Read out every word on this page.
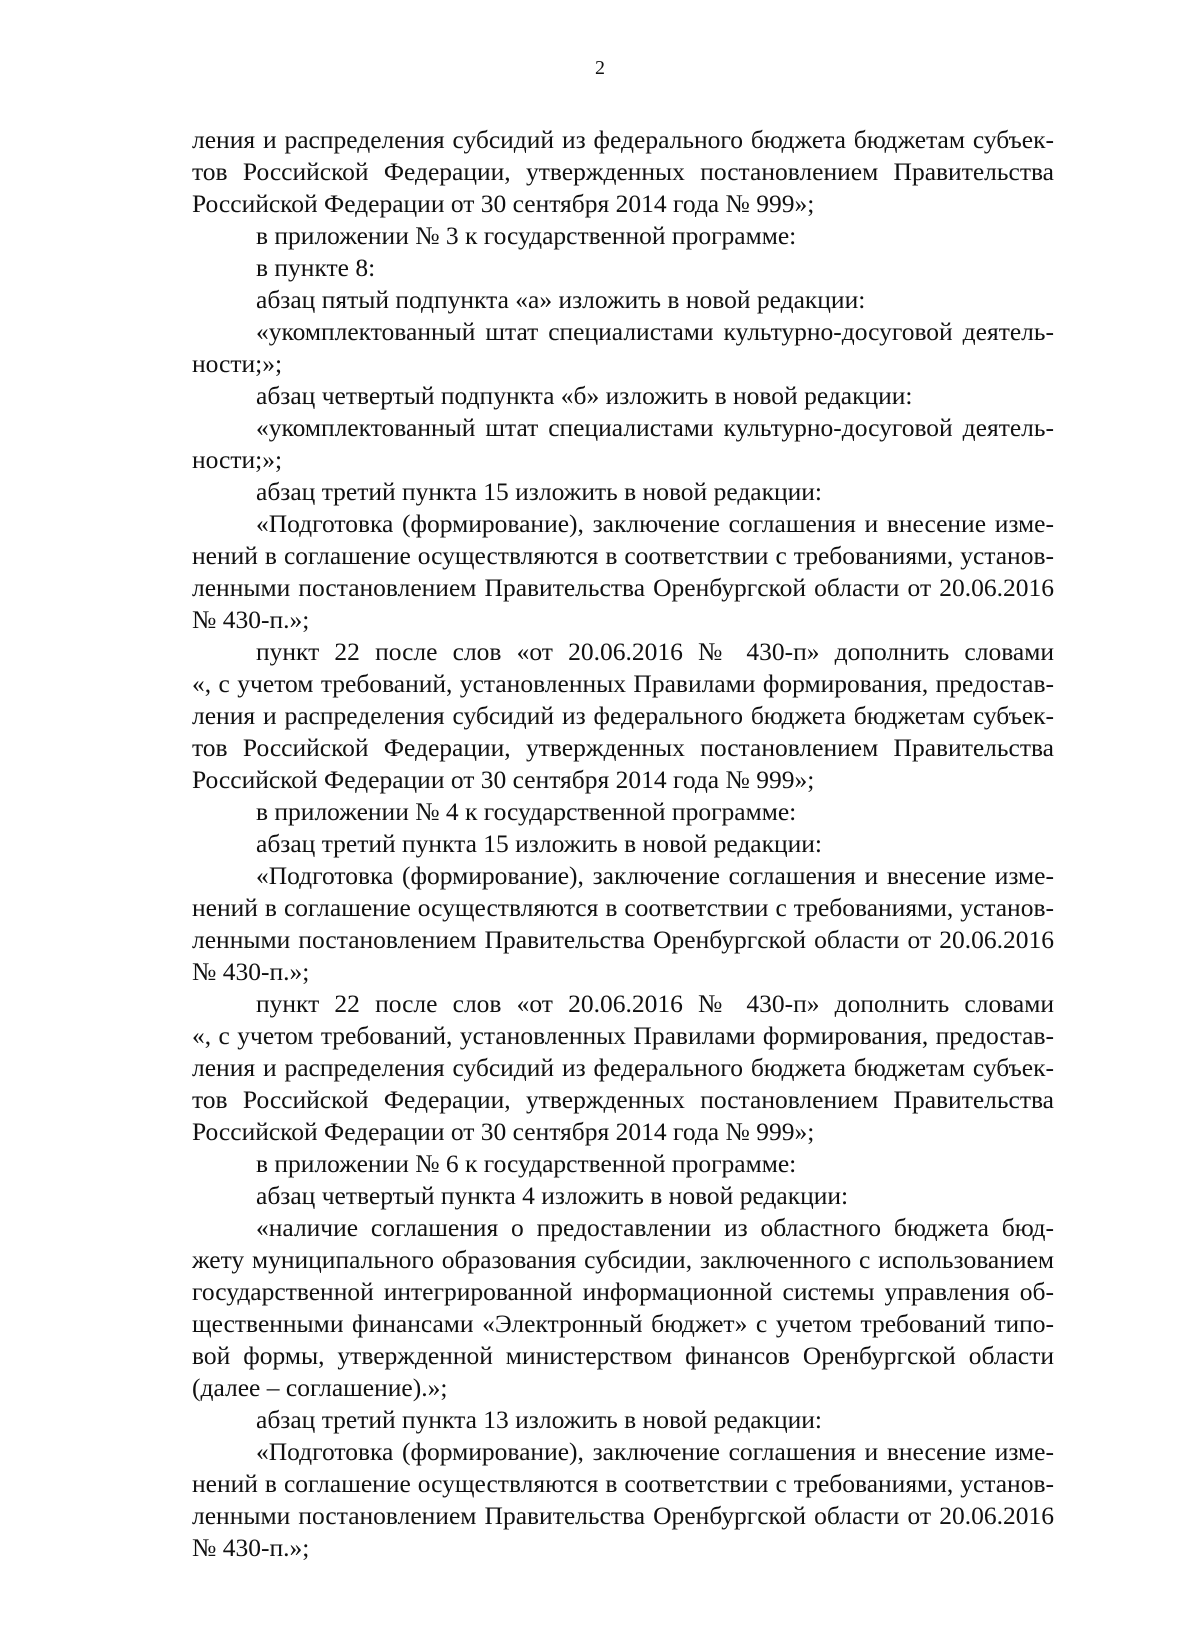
2
ления и распределения субсидий из федерального бюджета бюджетам субъек-
тов Российской Федерации, утвержденных постановлением Правительства
Российской Федерации от 30 сентября 2014 года № 999»;
в приложении № 3 к государственной программе:
в пункте 8:
абзац пятый подпункта «а» изложить в новой редакции:
«укомплектованный штат специалистами культурно-досуговой деятель-
ности;»;
абзац четвертый подпункта «б» изложить в новой редакции:
«укомплектованный штат специалистами культурно-досуговой деятель-
ности;»;
абзац третий пункта 15 изложить в новой редакции:
«Подготовка (формирование), заключение соглашения и внесение изме-
нений в соглашение осуществляются в соответствии с требованиями, установ-
ленными постановлением Правительства Оренбургской области от 20.06.2016
№ 430-п.»;
пункт 22 после слов «от 20.06.2016 № 430-п» дополнить словами
«, с учетом требований, установленных Правилами формирования, предостав-
ления и распределения субсидий из федерального бюджета бюджетам субъек-
тов Российской Федерации, утвержденных постановлением Правительства
Российской Федерации от 30 сентября 2014 года № 999»;
в приложении № 4 к государственной программе:
абзац третий пункта 15 изложить в новой редакции:
«Подготовка (формирование), заключение соглашения и внесение изме-
нений в соглашение осуществляются в соответствии с требованиями, установ-
ленными постановлением Правительства Оренбургской области от 20.06.2016
№ 430-п.»;
пункт 22 после слов «от 20.06.2016 № 430-п» дополнить словами
«, с учетом требований, установленных Правилами формирования, предостав-
ления и распределения субсидий из федерального бюджета бюджетам субъек-
тов Российской Федерации, утвержденных постановлением Правительства
Российской Федерации от 30 сентября 2014 года № 999»;
в приложении № 6 к государственной программе:
абзац четвертый пункта 4 изложить в новой редакции:
«наличие соглашения о предоставлении из областного бюджета бюд-
жету муниципального образования субсидии, заключенного с использованием
государственной интегрированной информационной системы управления об-
щественными финансами «Электронный бюджет» с учетом требований типо-
вой формы, утвержденной министерством финансов Оренбургской области
(далее – соглашение).»;
абзац третий пункта 13 изложить в новой редакции:
«Подготовка (формирование), заключение соглашения и внесение изме-
нений в соглашение осуществляются в соответствии с требованиями, установ-
ленными постановлением Правительства Оренбургской области от 20.06.2016
№ 430-п.»;
